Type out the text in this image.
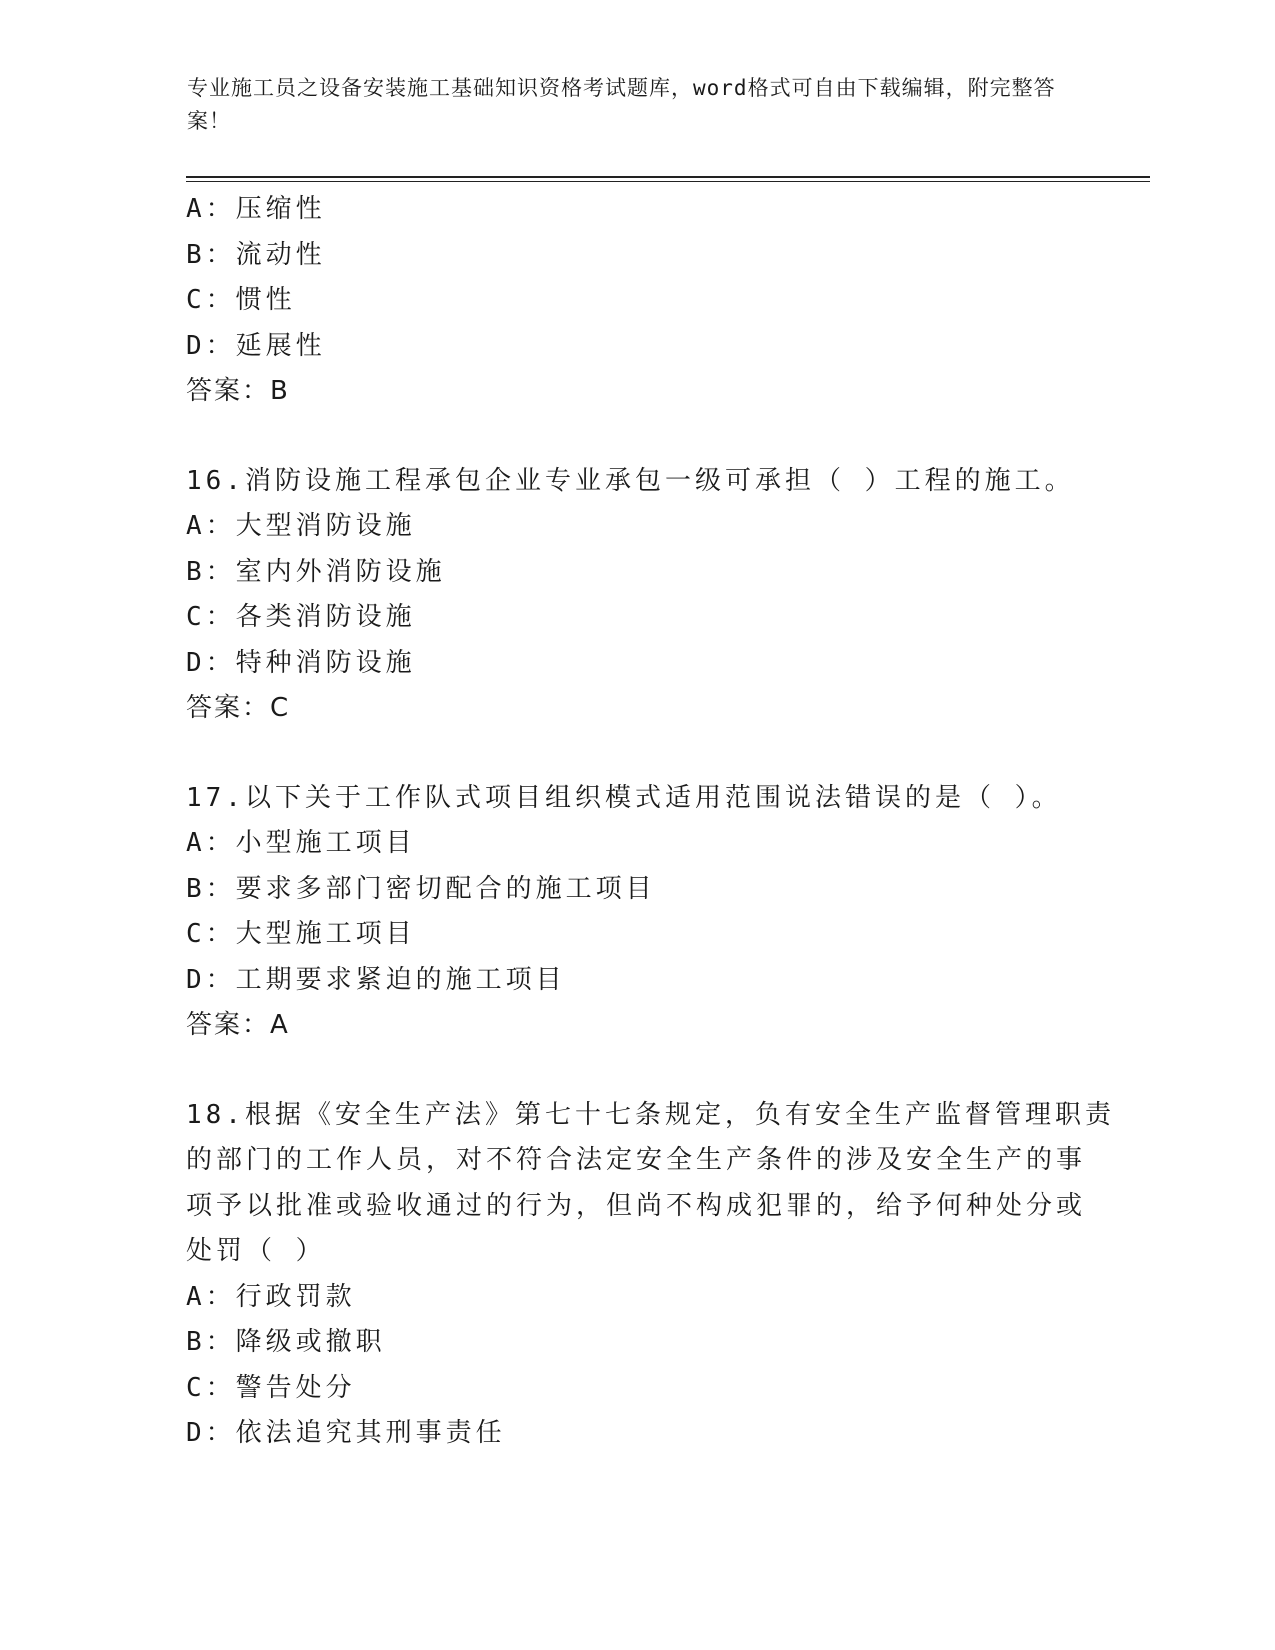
专业施工员之设备安装施工基础知识资格考试题库，word格式可自由下载编辑，附完整答案！
A：压缩性
B：流动性
C：惯性
D：延展性
答案：B
16.消防设施工程承包企业专业承包一级可承担（ ）工程的施工。
A：大型消防设施
B：室内外消防设施
C：各类消防设施
D：特种消防设施
答案：C
17.以下关于工作队式项目组织模式适用范围说法错误的是（ ）。
A：小型施工项目
B：要求多部门密切配合的施工项目
C：大型施工项目
D：工期要求紧迫的施工项目
答案：A
18.根据《安全生产法》第七十七条规定，负有安全生产监督管理职责
的部门的工作人员，对不符合法定安全生产条件的涉及安全生产的事
项予以批准或验收通过的行为，但尚不构成犯罪的，给予何种处分或
处罚（ ）
A：行政罚款
B：降级或撤职
C：警告处分
D：依法追究其刑事责任
